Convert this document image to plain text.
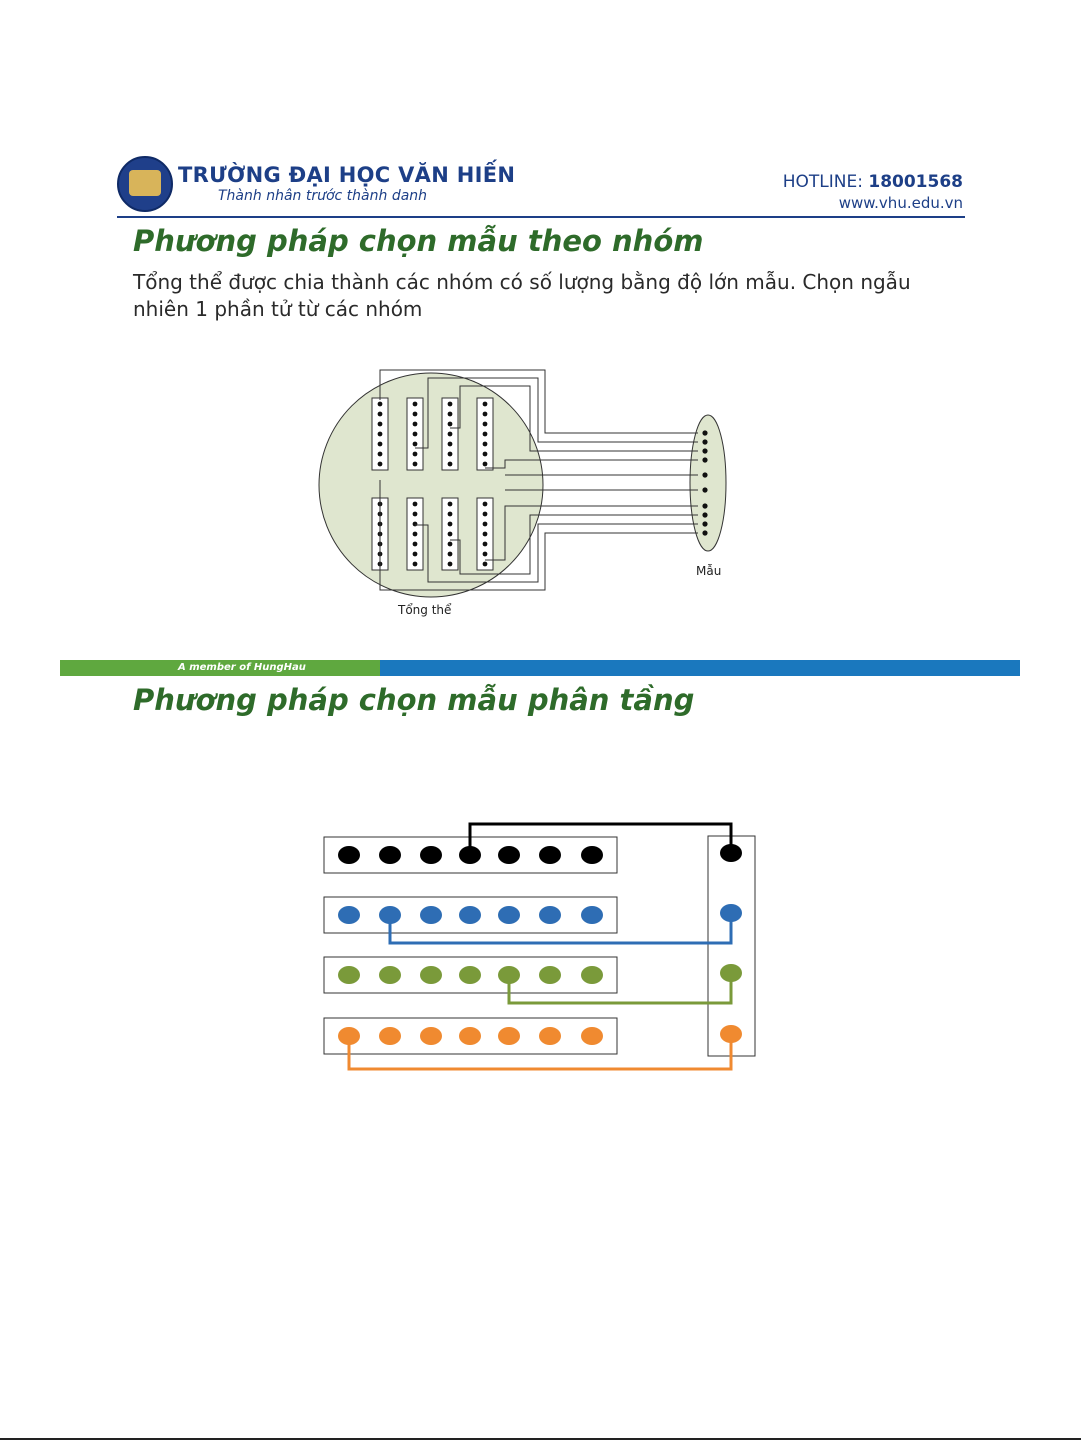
TRƯỜNG ĐẠI HỌC VĂN HIẾN
Thành nhân trước thành danh
HOTLINE: 18001568
www.vhu.edu.vn
Phương pháp chọn mẫu theo nhóm
Tổng thể được chia thành các nhóm có số lượng bằng độ lớn mẫu. Chọn ngẫu nhiên 1 phần tử từ các nhóm
Tổng thể
Mẫu
A member of HungHau
Phương pháp chọn mẫu phân tầng
